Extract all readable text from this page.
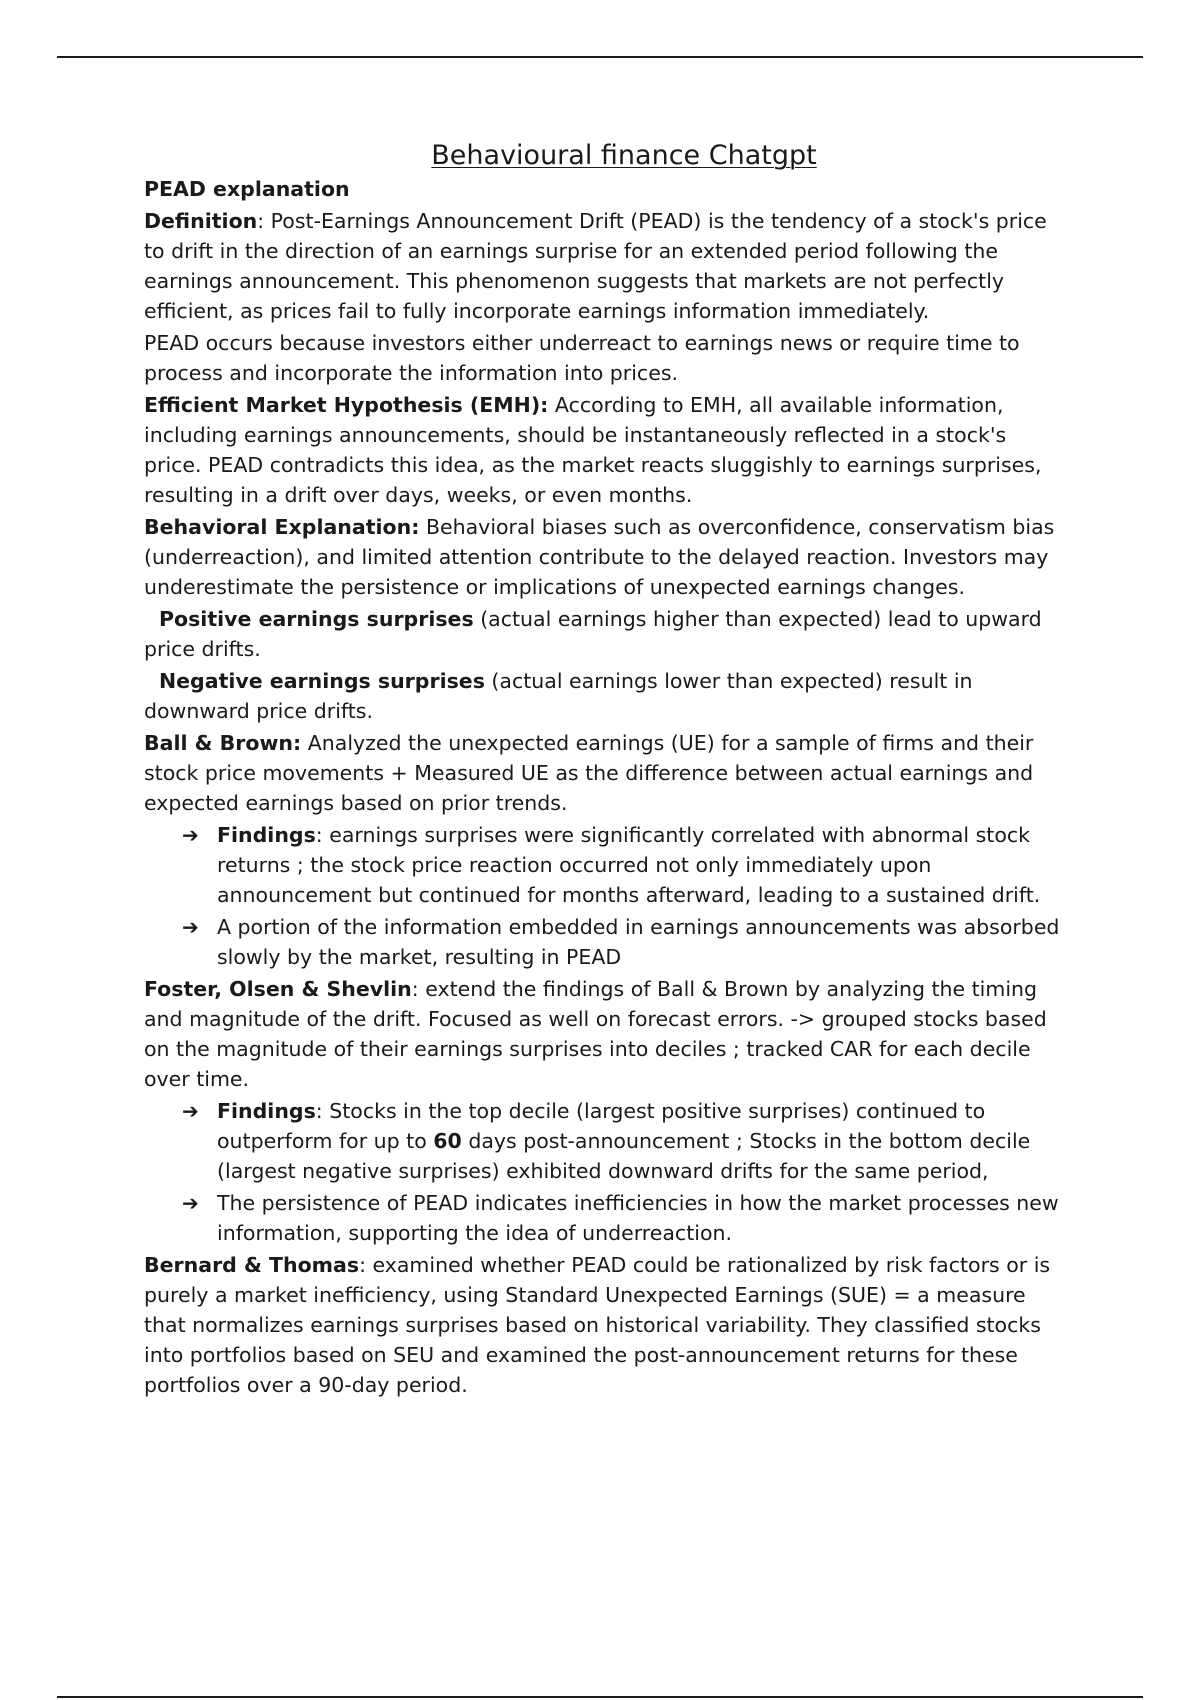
Behavioural finance Chatgpt
PEAD explanation

Definition: Post-Earnings Announcement Drift (PEAD) is the tendency of a stock's price to drift in the direction of an earnings surprise for an extended period following the earnings announcement. This phenomenon suggests that markets are not perfectly efficient, as prices fail to fully incorporate earnings information immediately.

PEAD occurs because investors either underreact to earnings news or require time to process and incorporate the information into prices.

Efficient Market Hypothesis (EMH): According to EMH, all available information, including earnings announcements, should be instantaneously reflected in a stock's price. PEAD contradicts this idea, as the market reacts sluggishly to earnings surprises, resulting in a drift over days, weeks, or even months.

Behavioral Explanation: Behavioral biases such as overconfidence, conservatism bias (underreaction), and limited attention contribute to the delayed reaction. Investors may underestimate the persistence or implications of unexpected earnings changes.

Positive earnings surprises (actual earnings higher than expected) lead to upward price drifts.

Negative earnings surprises (actual earnings lower than expected) result in downward price drifts.

Ball & Brown: Analyzed the unexpected earnings (UE) for a sample of firms and their stock price movements + Measured UE as the difference between actual earnings and expected earnings based on prior trends.

➔ Findings: earnings surprises were significantly correlated with abnormal stock returns ; the stock price reaction occurred not only immediately upon announcement but continued for months afterward, leading to a sustained drift.
➔ A portion of the information embedded in earnings announcements was absorbed slowly by the market, resulting in PEAD

Foster, Olsen & Shevlin: extend the findings of Ball & Brown by analyzing the timing and magnitude of the drift. Focused as well on forecast errors. -> grouped stocks based on the magnitude of their earnings surprises into deciles ; tracked CAR for each decile over time.

➔ Findings: Stocks in the top decile (largest positive surprises) continued to outperform for up to 60 days post-announcement ; Stocks in the bottom decile (largest negative surprises) exhibited downward drifts for the same period,
➔ The persistence of PEAD indicates inefficiencies in how the market processes new information, supporting the idea of underreaction.

Bernard & Thomas: examined whether PEAD could be rationalized by risk factors or is purely a market inefficiency, using Standard Unexpected Earnings (SUE) = a measure that normalizes earnings surprises based on historical variability. They classified stocks into portfolios based on SEU and examined the post-announcement returns for these portfolios over a 90-day period.
